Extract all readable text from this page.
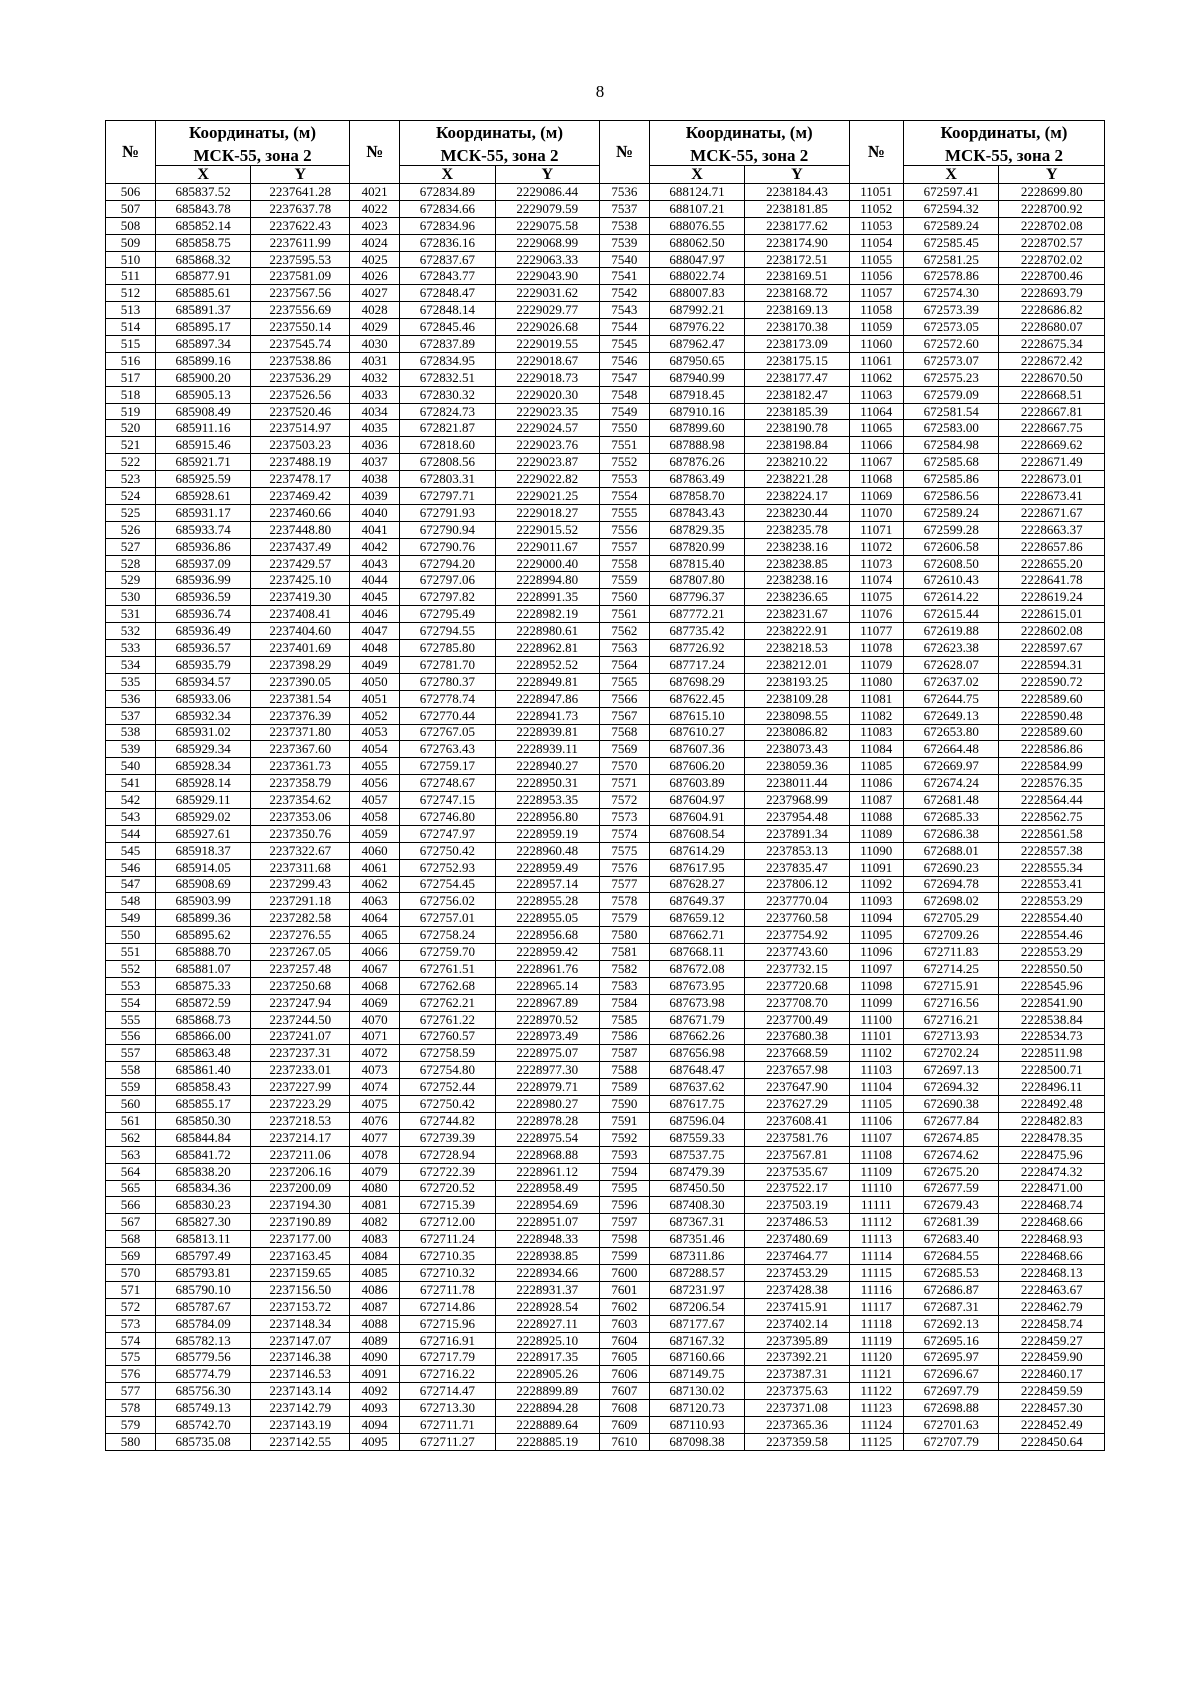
8
№	Координаты, (м)		№	Координаты, (м)		№	Координаты, (м)		№	Координаты, (м)	
	МСК-55, зона 2			МСК-55, зона 2			МСК-55, зона 2			МСК-55, зона 2	
	X	Y		X	Y		X	Y		X	Y
506	685837.52	2237641.28	4021	672834.89	2229086.44	7536	688124.71	2238184.43	11051	672597.41	2228699.80
507	685843.78	2237637.78	4022	672834.66	2229079.59	7537	688107.21	2238181.85	11052	672594.32	2228700.92
508	685852.14	2237622.43	4023	672834.96	2229075.58	7538	688076.55	2238177.62	11053	672589.24	2228702.08
509	685858.75	2237611.99	4024	672836.16	2229068.99	7539	688062.50	2238174.90	11054	672585.45	2228702.57
510	685868.32	2237595.53	4025	672837.67	2229063.33	7540	688047.97	2238172.51	11055	672581.25	2228702.02
511	685877.91	2237581.09	4026	672843.77	2229043.90	7541	688022.74	2238169.51	11056	672578.86	2228700.46
512	685885.61	2237567.56	4027	672848.47	2229031.62	7542	688007.83	2238168.72	11057	672574.30	2228693.79
513	685891.37	2237556.69	4028	672848.14	2229029.77	7543	687992.21	2238169.13	11058	672573.39	2228686.82
514	685895.17	2237550.14	4029	672845.46	2229026.68	7544	687976.22	2238170.38	11059	672573.05	2228680.07
515	685897.34	2237545.74	4030	672837.89	2229019.55	7545	687962.47	2238173.09	11060	672572.60	2228675.34
516	685899.16	2237538.86	4031	672834.95	2229018.67	7546	687950.65	2238175.15	11061	672573.07	2228672.42
517	685900.20	2237536.29	4032	672832.51	2229018.73	7547	687940.99	2238177.47	11062	672575.23	2228670.50
518	685905.13	2237526.56	4033	672830.32	2229020.30	7548	687918.45	2238182.47	11063	672579.09	2228668.51
519	685908.49	2237520.46	4034	672824.73	2229023.35	7549	687910.16	2238185.39	11064	672581.54	2228667.81
520	685911.16	2237514.97	4035	672821.87	2229024.57	7550	687899.60	2238190.78	11065	672583.00	2228667.75
521	685915.46	2237503.23	4036	672818.60	2229023.76	7551	687888.98	2238198.84	11066	672584.98	2228669.62
522	685921.71	2237488.19	4037	672808.56	2229023.87	7552	687876.26	2238210.22	11067	672585.68	2228671.49
523	685925.59	2237478.17	4038	672803.31	2229022.82	7553	687863.49	2238221.28	11068	672585.86	2228673.01
524	685928.61	2237469.42	4039	672797.71	2229021.25	7554	687858.70	2238224.17	11069	672586.56	2228673.41
525	685931.17	2237460.66	4040	672791.93	2229018.27	7555	687843.43	2238230.44	11070	672589.24	2228671.67
526	685933.74	2237448.80	4041	672790.94	2229015.52	7556	687829.35	2238235.78	11071	672599.28	2228663.37
527	685936.86	2237437.49	4042	672790.76	2229011.67	7557	687820.99	2238238.16	11072	672606.58	2228657.86
528	685937.09	2237429.57	4043	672794.20	2229000.40	7558	687815.40	2238238.85	11073	672608.50	2228655.20
529	685936.99	2237425.10	4044	672797.06	2228994.80	7559	687807.80	2238238.16	11074	672610.43	2228641.78
530	685936.59	2237419.30	4045	672797.82	2228991.35	7560	687796.37	2238236.65	11075	672614.22	2228619.24
531	685936.74	2237408.41	4046	672795.49	2228982.19	7561	687772.21	2238231.67	11076	672615.44	2228615.01
532	685936.49	2237404.60	4047	672794.55	2228980.61	7562	687735.42	2238222.91	11077	672619.88	2228602.08
533	685936.57	2237401.69	4048	672785.80	2228962.81	7563	687726.92	2238218.53	11078	672623.38	2228597.67
534	685935.79	2237398.29	4049	672781.70	2228952.52	7564	687717.24	2238212.01	11079	672628.07	2228594.31
535	685934.57	2237390.05	4050	672780.37	2228949.81	7565	687698.29	2238193.25	11080	672637.02	2228590.72
536	685933.06	2237381.54	4051	672778.74	2228947.86	7566	687622.45	2238109.28	11081	672644.75	2228589.60
537	685932.34	2237376.39	4052	672770.44	2228941.73	7567	687615.10	2238098.55	11082	672649.13	2228590.48
538	685931.02	2237371.80	4053	672767.05	2228939.81	7568	687610.27	2238086.82	11083	672653.80	2228589.60
539	685929.34	2237367.60	4054	672763.43	2228939.11	7569	687607.36	2238073.43	11084	672664.48	2228586.86
540	685928.34	2237361.73	4055	672759.17	2228940.27	7570	687606.20	2238059.36	11085	672669.97	2228584.99
541	685928.14	2237358.79	4056	672748.67	2228950.31	7571	687603.89	2238011.44	11086	672674.24	2228576.35
542	685929.11	2237354.62	4057	672747.15	2228953.35	7572	687604.97	2237968.99	11087	672681.48	2228564.44
543	685929.02	2237353.06	4058	672746.80	2228956.80	7573	687604.91	2237954.48	11088	672685.33	2228562.75
544	685927.61	2237350.76	4059	672747.97	2228959.19	7574	687608.54	2237891.34	11089	672686.38	2228561.58
545	685918.37	2237322.67	4060	672750.42	2228960.48	7575	687614.29	2237853.13	11090	672688.01	2228557.38
546	685914.05	2237311.68	4061	672752.93	2228959.49	7576	687617.95	2237835.47	11091	672690.23	2228555.34
547	685908.69	2237299.43	4062	672754.45	2228957.14	7577	687628.27	2237806.12	11092	672694.78	2228553.41
548	685903.99	2237291.18	4063	672756.02	2228955.28	7578	687649.37	2237770.04	11093	672698.02	2228553.29
549	685899.36	2237282.58	4064	672757.01	2228955.05	7579	687659.12	2237760.58	11094	672705.29	2228554.40
550	685895.62	2237276.55	4065	672758.24	2228956.68	7580	687662.71	2237754.92	11095	672709.26	2228554.46
551	685888.70	2237267.05	4066	672759.70	2228959.42	7581	687668.11	2237743.60	11096	672711.83	2228553.29
552	685881.07	2237257.48	4067	672761.51	2228961.76	7582	687672.08	2237732.15	11097	672714.25	2228550.50
553	685875.33	2237250.68	4068	672762.68	2228965.14	7583	687673.95	2237720.68	11098	672715.91	2228545.96
554	685872.59	2237247.94	4069	672762.21	2228967.89	7584	687673.98	2237708.70	11099	672716.56	2228541.90
555	685868.73	2237244.50	4070	672761.22	2228970.52	7585	687671.79	2237700.49	11100	672716.21	2228538.84
556	685866.00	2237241.07	4071	672760.57	2228973.49	7586	687662.26	2237680.38	11101	672713.93	2228534.73
557	685863.48	2237237.31	4072	672758.59	2228975.07	7587	687656.98	2237668.59	11102	672702.24	2228511.98
558	685861.40	2237233.01	4073	672754.80	2228977.30	7588	687648.47	2237657.98	11103	672697.13	2228500.71
559	685858.43	2237227.99	4074	672752.44	2228979.71	7589	687637.62	2237647.90	11104	672694.32	2228496.11
560	685855.17	2237223.29	4075	672750.42	2228980.27	7590	687617.75	2237627.29	11105	672690.38	2228492.48
561	685850.30	2237218.53	4076	672744.82	2228978.28	7591	687596.04	2237608.41	11106	672677.84	2228482.83
562	685844.84	2237214.17	4077	672739.39	2228975.54	7592	687559.33	2237581.76	11107	672674.85	2228478.35
563	685841.72	2237211.06	4078	672728.94	2228968.88	7593	687537.75	2237567.81	11108	672674.62	2228475.96
564	685838.20	2237206.16	4079	672722.39	2228961.12	7594	687479.39	2237535.67	11109	672675.20	2228474.32
565	685834.36	2237200.09	4080	672720.52	2228958.49	7595	687450.50	2237522.17	11110	672677.59	2228471.00
566	685830.23	2237194.30	4081	672715.39	2228954.69	7596	687408.30	2237503.19	11111	672679.43	2228468.74
567	685827.30	2237190.89	4082	672712.00	2228951.07	7597	687367.31	2237486.53	11112	672681.39	2228468.66
568	685813.11	2237177.00	4083	672711.24	2228948.33	7598	687351.46	2237480.69	11113	672683.40	2228468.93
569	685797.49	2237163.45	4084	672710.35	2228938.85	7599	687311.86	2237464.77	11114	672684.55	2228468.66
570	685793.81	2237159.65	4085	672710.32	2228934.66	7600	687288.57	2237453.29	11115	672685.53	2228468.13
571	685790.10	2237156.50	4086	672711.78	2228931.37	7601	687231.97	2237428.38	11116	672686.87	2228463.67
572	685787.67	2237153.72	4087	672714.86	2228928.54	7602	687206.54	2237415.91	11117	672687.31	2228462.79
573	685784.09	2237148.34	4088	672715.96	2228927.11	7603	687177.67	2237402.14	11118	672692.13	2228458.74
574	685782.13	2237147.07	4089	672716.91	2228925.10	7604	687167.32	2237395.89	11119	672695.16	2228459.27
575	685779.56	2237146.38	4090	672717.79	2228917.35	7605	687160.66	2237392.21	11120	672695.97	2228459.90
576	685774.79	2237146.53	4091	672716.22	2228905.26	7606	687149.75	2237387.31	11121	672696.67	2228460.17
577	685756.30	2237143.14	4092	672714.47	2228899.89	7607	687130.02	2237375.63	11122	672697.79	2228459.59
578	685749.13	2237142.79	4093	672713.30	2228894.28	7608	687120.73	2237371.08	11123	672698.88	2228457.30
579	685742.70	2237143.19	4094	672711.71	2228889.64	7609	687110.93	2237365.36	11124	672701.63	2228452.49
580	685735.08	2237142.55	4095	672711.27	2228885.19	7610	687098.38	2237359.58	11125	672707.79	2228450.64
